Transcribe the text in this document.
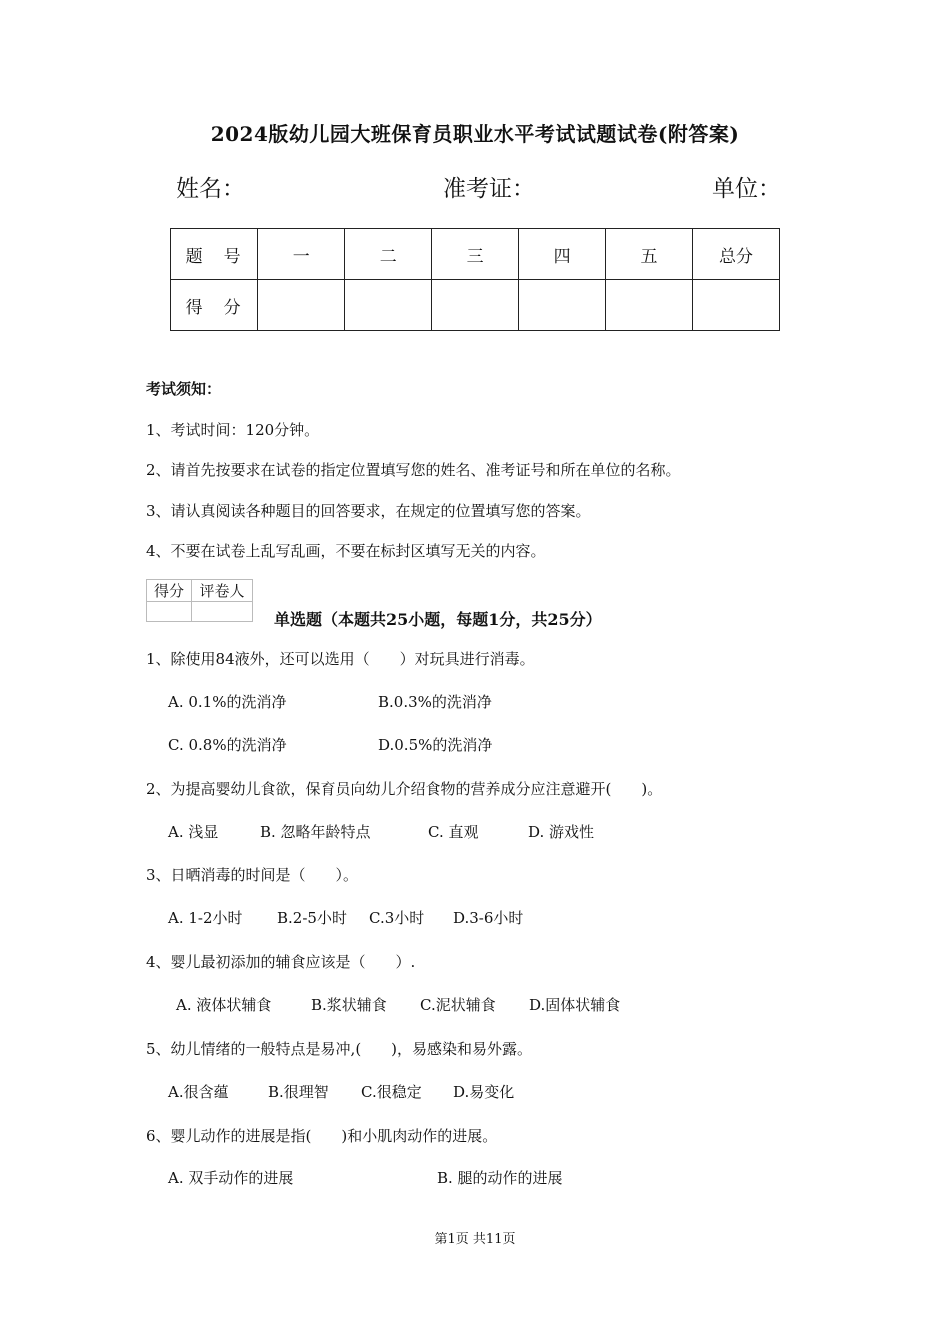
2024版幼儿园大班保育员职业水平考试试题试卷(附答案)
姓名：	准考证：	单位：
题　号	一	二	三	四	五	总分
得　分						
考试须知：
1、考试时间：120分钟。
2、请首先按要求在试卷的指定位置填写您的姓名、准考证号和所在单位的名称。
3、请认真阅读各种题目的回答要求，在规定的位置填写您的答案。
4、不要在试卷上乱写乱画，不要在标封区填写无关的内容。
得分	评卷人

单选题（本题共25小题，每题1分，共25分）
1、除使用84液外，还可以选用（　　）对玩具进行消毒。
A. 0.1%的洗消净	B.0.3%的洗消净
C. 0.8%的洗消净	D.0.5%的洗消净
2、为提高婴幼儿食欲，保育员向幼儿介绍食物的营养成分应注意避开(　　)。
A. 浅显	B. 忽略年龄特点	C. 直观	D. 游戏性
3、日晒消毒的时间是（　　）。
A. 1-2小时 B.2-5小时 C.3小时 D.3-6小时
4、婴儿最初添加的辅食应该是（　　）.
A. 液体状辅食	B.浆状辅食 C.泥状辅食 D.固体状辅食
5、幼儿情绪的一般特点是易冲,(　　)，易感染和易外露。
A.很含蕴	B.很理智 C.很稳定 D.易变化
6、婴儿动作的进展是指(　　)和小肌肉动作的进展。
A. 双手动作的进展	B. 腿的动作的进展
第1页 共11页
